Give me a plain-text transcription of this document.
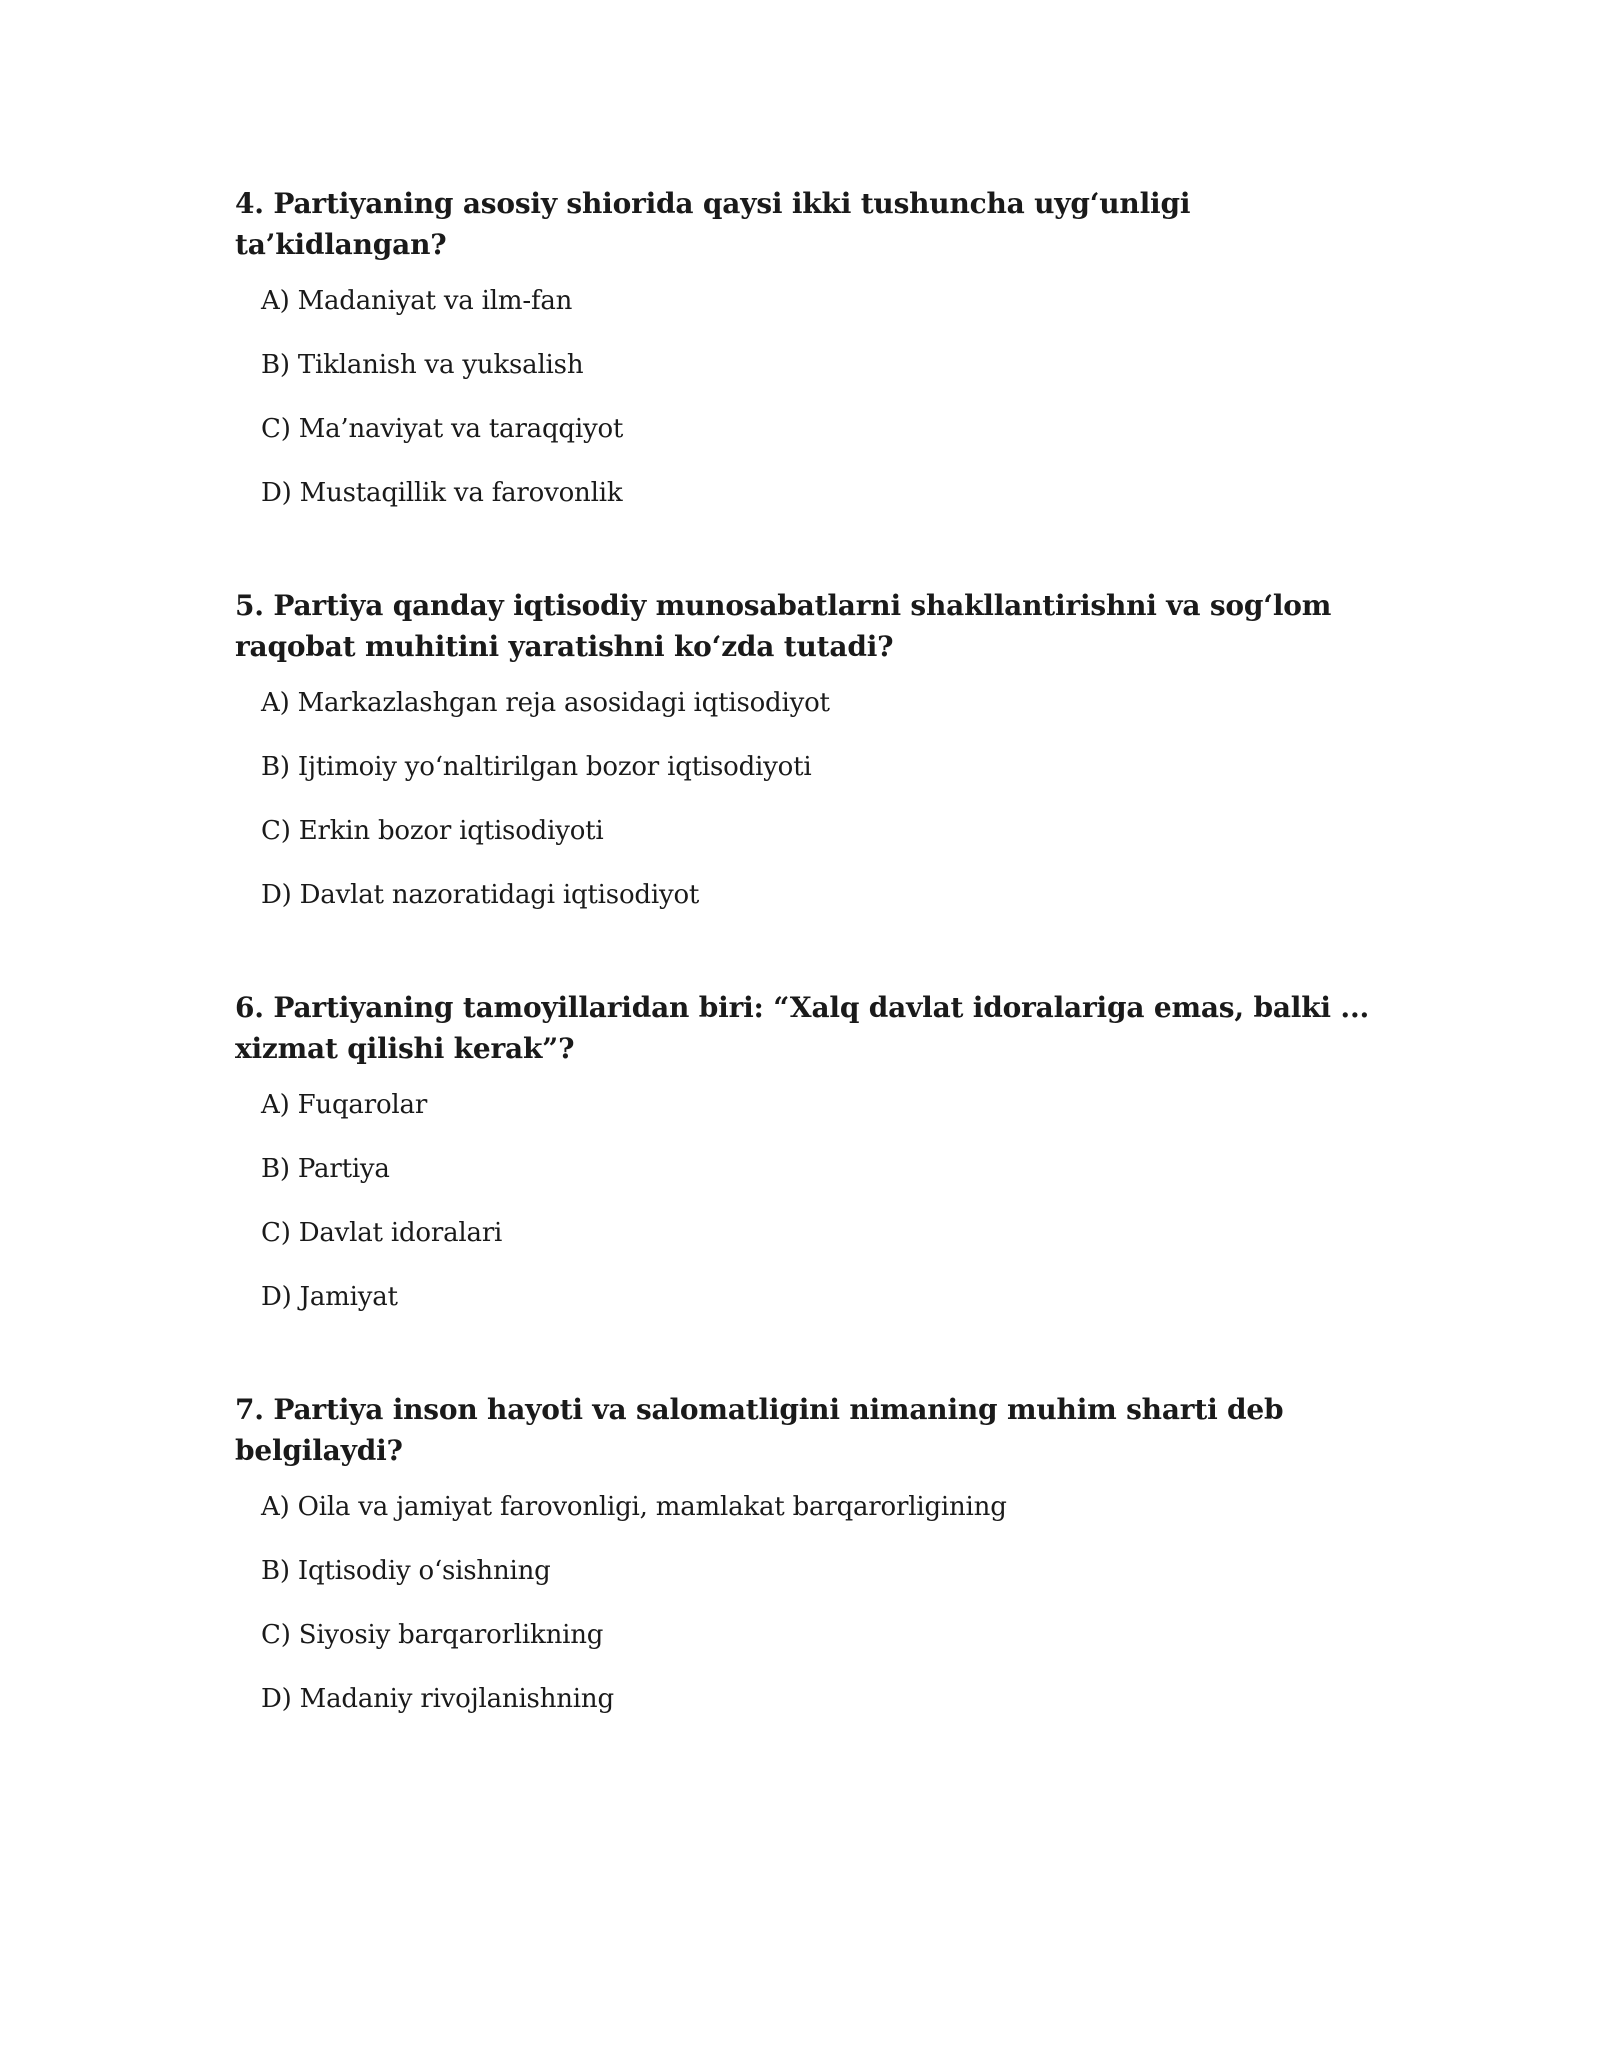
4. Partiyaning asosiy shiorida qaysi ikki tushuncha uygʻunligi ta’kidlangan?

A) Madaniyat va ilm-fan
B) Tiklanish va yuksalish
C) Ma’naviyat va taraqqiyot
D) Mustaqillik va farovonlik

5. Partiya qanday iqtisodiy munosabatlarni shakllantirishni va sogʻlom raqobat muhitini yaratishni koʻzda tutadi?

A) Markazlashgan reja asosidagi iqtisodiyot
B) Ijtimoiy yoʻnaltirilgan bozor iqtisodiyoti
C) Erkin bozor iqtisodiyoti
D) Davlat nazoratidagi iqtisodiyot

6. Partiyaning tamoyillaridan biri: “Xalq davlat idoralariga emas, balki ... xizmat qilishi kerak”?

A) Fuqarolar
B) Partiya
C) Davlat idoralari
D) Jamiyat

7. Partiya inson hayoti va salomatligini nimaning muhim sharti deb belgilaydi?

A) Oila va jamiyat farovonligi, mamlakat barqarorligining
B) Iqtisodiy oʻsishning
C) Siyosiy barqarorlikning
D) Madaniy rivojlanishning
